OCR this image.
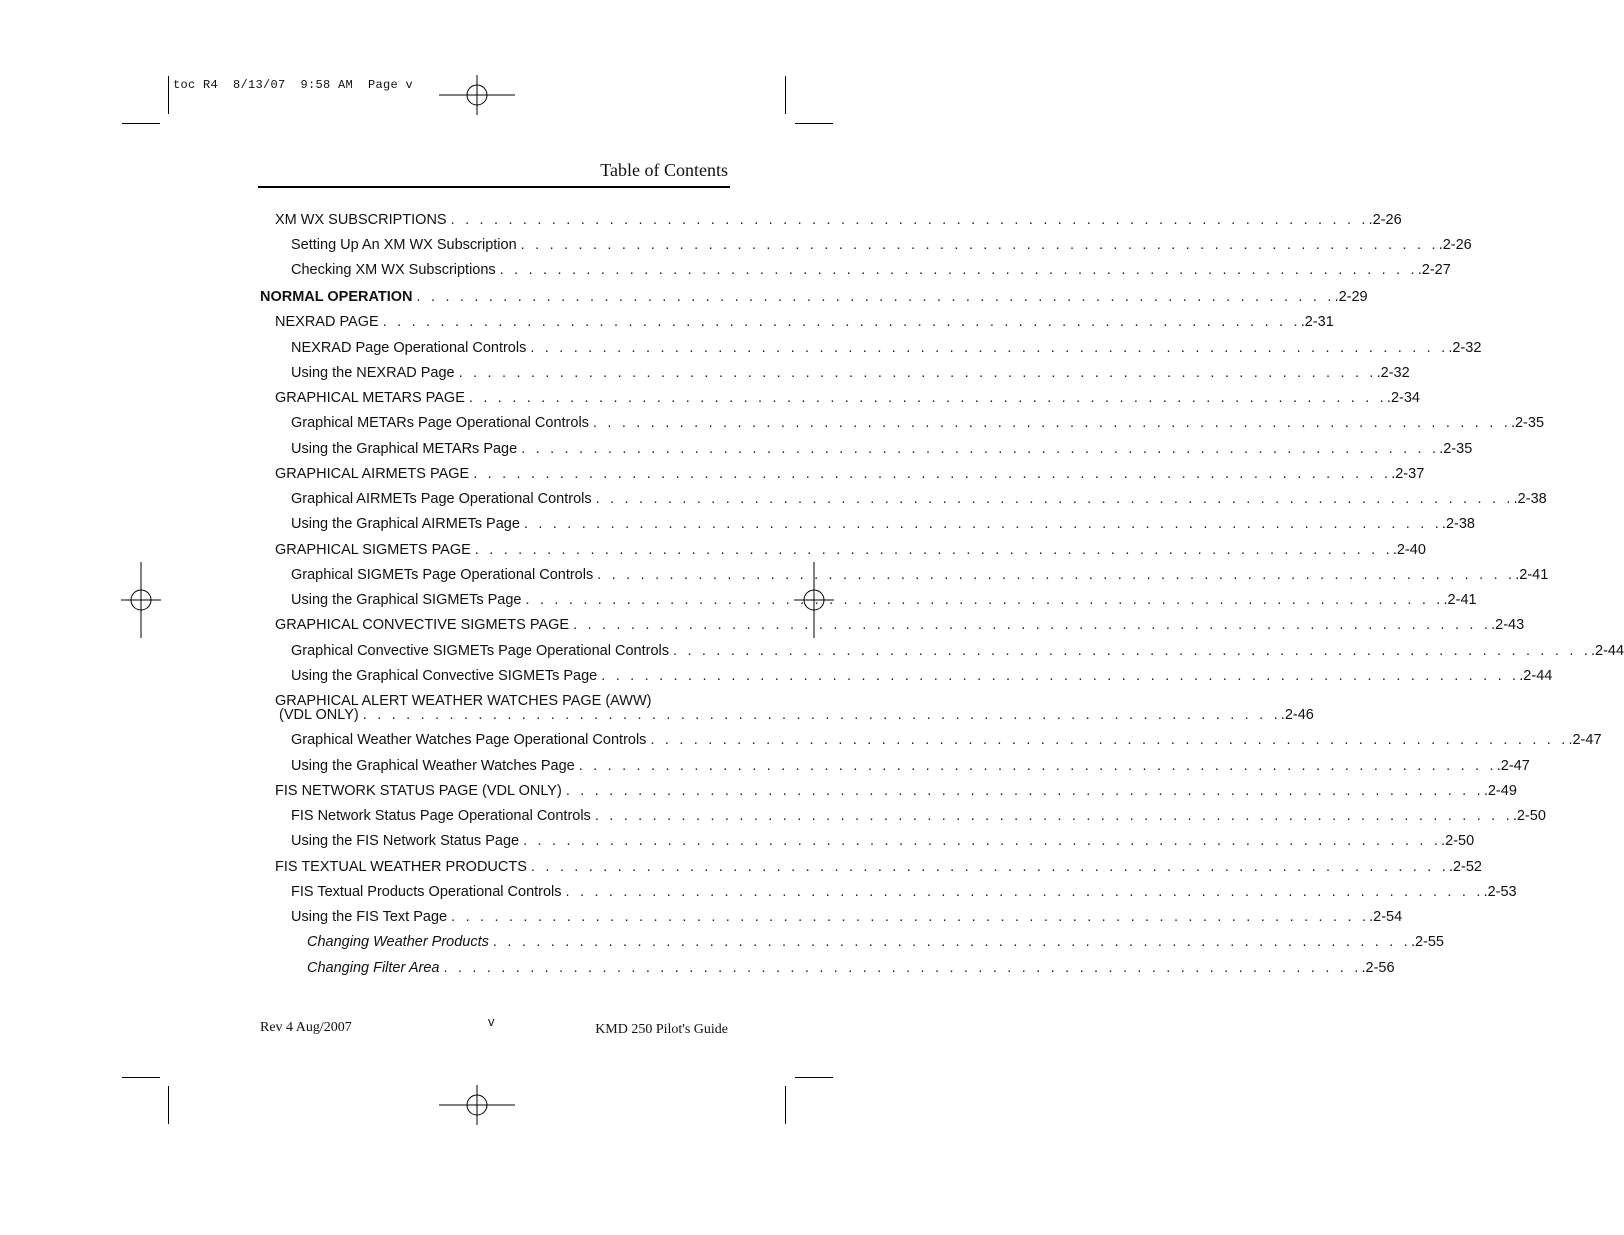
toc R4  8/13/07  9:58 AM  Page v
Table of Contents
XM WX SUBSCRIPTIONS . . . . . . . . . . . . . . . . . . . . . . . . . . . . . . . . . . . . . . . . . . . . . . . . . . . . . . . . . . . . . . . . .2-26
Setting Up An XM WX Subscription . . . . . . . . . . . . . . . . . . . . . . . . . . . . . . . . . . . . . . . . . . . . . . . . . . . . . . . . . . . . . . . . .2-26
Checking XM WX Subscriptions . . . . . . . . . . . . . . . . . . . . . . . . . . . . . . . . . . . . . . . . . . . . . . . . . . . . . . . . . . . . . . . . .2-27
NORMAL OPERATION . . . . . . . . . . . . . . . . . . . . . . . . . . . . . . . . . . . . . . . . . . . . . . . . . . . . . . . . . . . . . . . . .2-29
NEXRAD PAGE . . . . . . . . . . . . . . . . . . . . . . . . . . . . . . . . . . . . . . . . . . . . . . . . . . . . . . . . . . . . . . . . .2-31
NEXRAD Page Operational Controls . . . . . . . . . . . . . . . . . . . . . . . . . . . . . . . . . . . . . . . . . . . . . . . . . . . . . . . . . . . . . . . . .2-32
Using the NEXRAD Page . . . . . . . . . . . . . . . . . . . . . . . . . . . . . . . . . . . . . . . . . . . . . . . . . . . . . . . . . . . . . . . . .2-32
GRAPHICAL METARS PAGE . . . . . . . . . . . . . . . . . . . . . . . . . . . . . . . . . . . . . . . . . . . . . . . . . . . . . . . . . . . . . . . . .2-34
Graphical METARs Page Operational Controls . . . . . . . . . . . . . . . . . . . . . . . . . . . . . . . . . . . . . . . . . . . . . . . . . . . . . . . . . . . . . . . . .2-35
Using the Graphical METARs Page . . . . . . . . . . . . . . . . . . . . . . . . . . . . . . . . . . . . . . . . . . . . . . . . . . . . . . . . . . . . . . . . .2-35
GRAPHICAL AIRMETS PAGE . . . . . . . . . . . . . . . . . . . . . . . . . . . . . . . . . . . . . . . . . . . . . . . . . . . . . . . . . . . . . . . . .2-37
Graphical AIRMETs Page Operational Controls . . . . . . . . . . . . . . . . . . . . . . . . . . . . . . . . . . . . . . . . . . . . . . . . . . . . . . . . . . . . . . . . .2-38
Using the Graphical AIRMETs Page . . . . . . . . . . . . . . . . . . . . . . . . . . . . . . . . . . . . . . . . . . . . . . . . . . . . . . . . . . . . . . . . .2-38
GRAPHICAL SIGMETS PAGE . . . . . . . . . . . . . . . . . . . . . . . . . . . . . . . . . . . . . . . . . . . . . . . . . . . . . . . . . . . . . . . . .2-40
Graphical SIGMETs Page Operational Controls . . . . . . . . . . . . . . . . . . . . . . . . . . . . . . . . . . . . . . . . . . . . . . . . . . . . . . . . . . . . . . . . .2-41
Using the Graphical SIGMETs Page . . . . . . . . . . . . . . . . . . . . . . . . . . . . . . . . . . . . . . . . . . . . . . . . . . . . . . . . . . . . . . . . .2-41
GRAPHICAL CONVECTIVE SIGMETS PAGE . . . . . . . . . . . . . . . . . . . . . . . . . . . . . . . . . . . . . . . . . . . . . . . . . . . . . . . . . . . . . . . . .2-43
Graphical Convective SIGMETs Page Operational Controls . . . . . . . . . . . . . . . . . . . . . . . . . . . . . . . . . . . . . . . . . . . . . . . . . . . . . . . . . . . . . . . . .2-44
Using the Graphical Convective SIGMETs Page . . . . . . . . . . . . . . . . . . . . . . . . . . . . . . . . . . . . . . . . . . . . . . . . . . . . . . . . . . . . . . . . .2-44
GRAPHICAL ALERT WEATHER WATCHES PAGE (AWW)
(VDL ONLY) . . . . . . . . . . . . . . . . . . . . . . . . . . . . . . . . . . . . . . . . . . . . . . . . . . . . . . . . . . . . . . . . .2-46
Graphical Weather Watches Page Operational Controls . . . . . . . . . . . . . . . . . . . . . . . . . . . . . . . . . . . . . . . . . . . . . . . . . . . . . . . . . . . . . . . . .2-47
Using the Graphical Weather Watches Page . . . . . . . . . . . . . . . . . . . . . . . . . . . . . . . . . . . . . . . . . . . . . . . . . . . . . . . . . . . . . . . . .2-47
FIS NETWORK STATUS PAGE (VDL ONLY) . . . . . . . . . . . . . . . . . . . . . . . . . . . . . . . . . . . . . . . . . . . . . . . . . . . . . . . . . . . . . . . . .2-49
FIS Network Status Page Operational Controls . . . . . . . . . . . . . . . . . . . . . . . . . . . . . . . . . . . . . . . . . . . . . . . . . . . . . . . . . . . . . . . . .2-50
Using the FIS Network Status Page . . . . . . . . . . . . . . . . . . . . . . . . . . . . . . . . . . . . . . . . . . . . . . . . . . . . . . . . . . . . . . . . .2-50
FIS TEXTUAL WEATHER PRODUCTS . . . . . . . . . . . . . . . . . . . . . . . . . . . . . . . . . . . . . . . . . . . . . . . . . . . . . . . . . . . . . . . . .2-52
FIS Textual Products Operational Controls . . . . . . . . . . . . . . . . . . . . . . . . . . . . . . . . . . . . . . . . . . . . . . . . . . . . . . . . . . . . . . . . .2-53
Using the FIS Text Page . . . . . . . . . . . . . . . . . . . . . . . . . . . . . . . . . . . . . . . . . . . . . . . . . . . . . . . . . . . . . . . . .2-54
Changing Weather Products . . . . . . . . . . . . . . . . . . . . . . . . . . . . . . . . . . . . . . . . . . . . . . . . . . . . . . . . . . . . . . . . .2-55
Changing Filter Area . . . . . . . . . . . . . . . . . . . . . . . . . . . . . . . . . . . . . . . . . . . . . . . . . . . . . . . . . . . . . . . . .2-56
Rev 4 Aug/2007	v
KMD 250 Pilot's Guide
